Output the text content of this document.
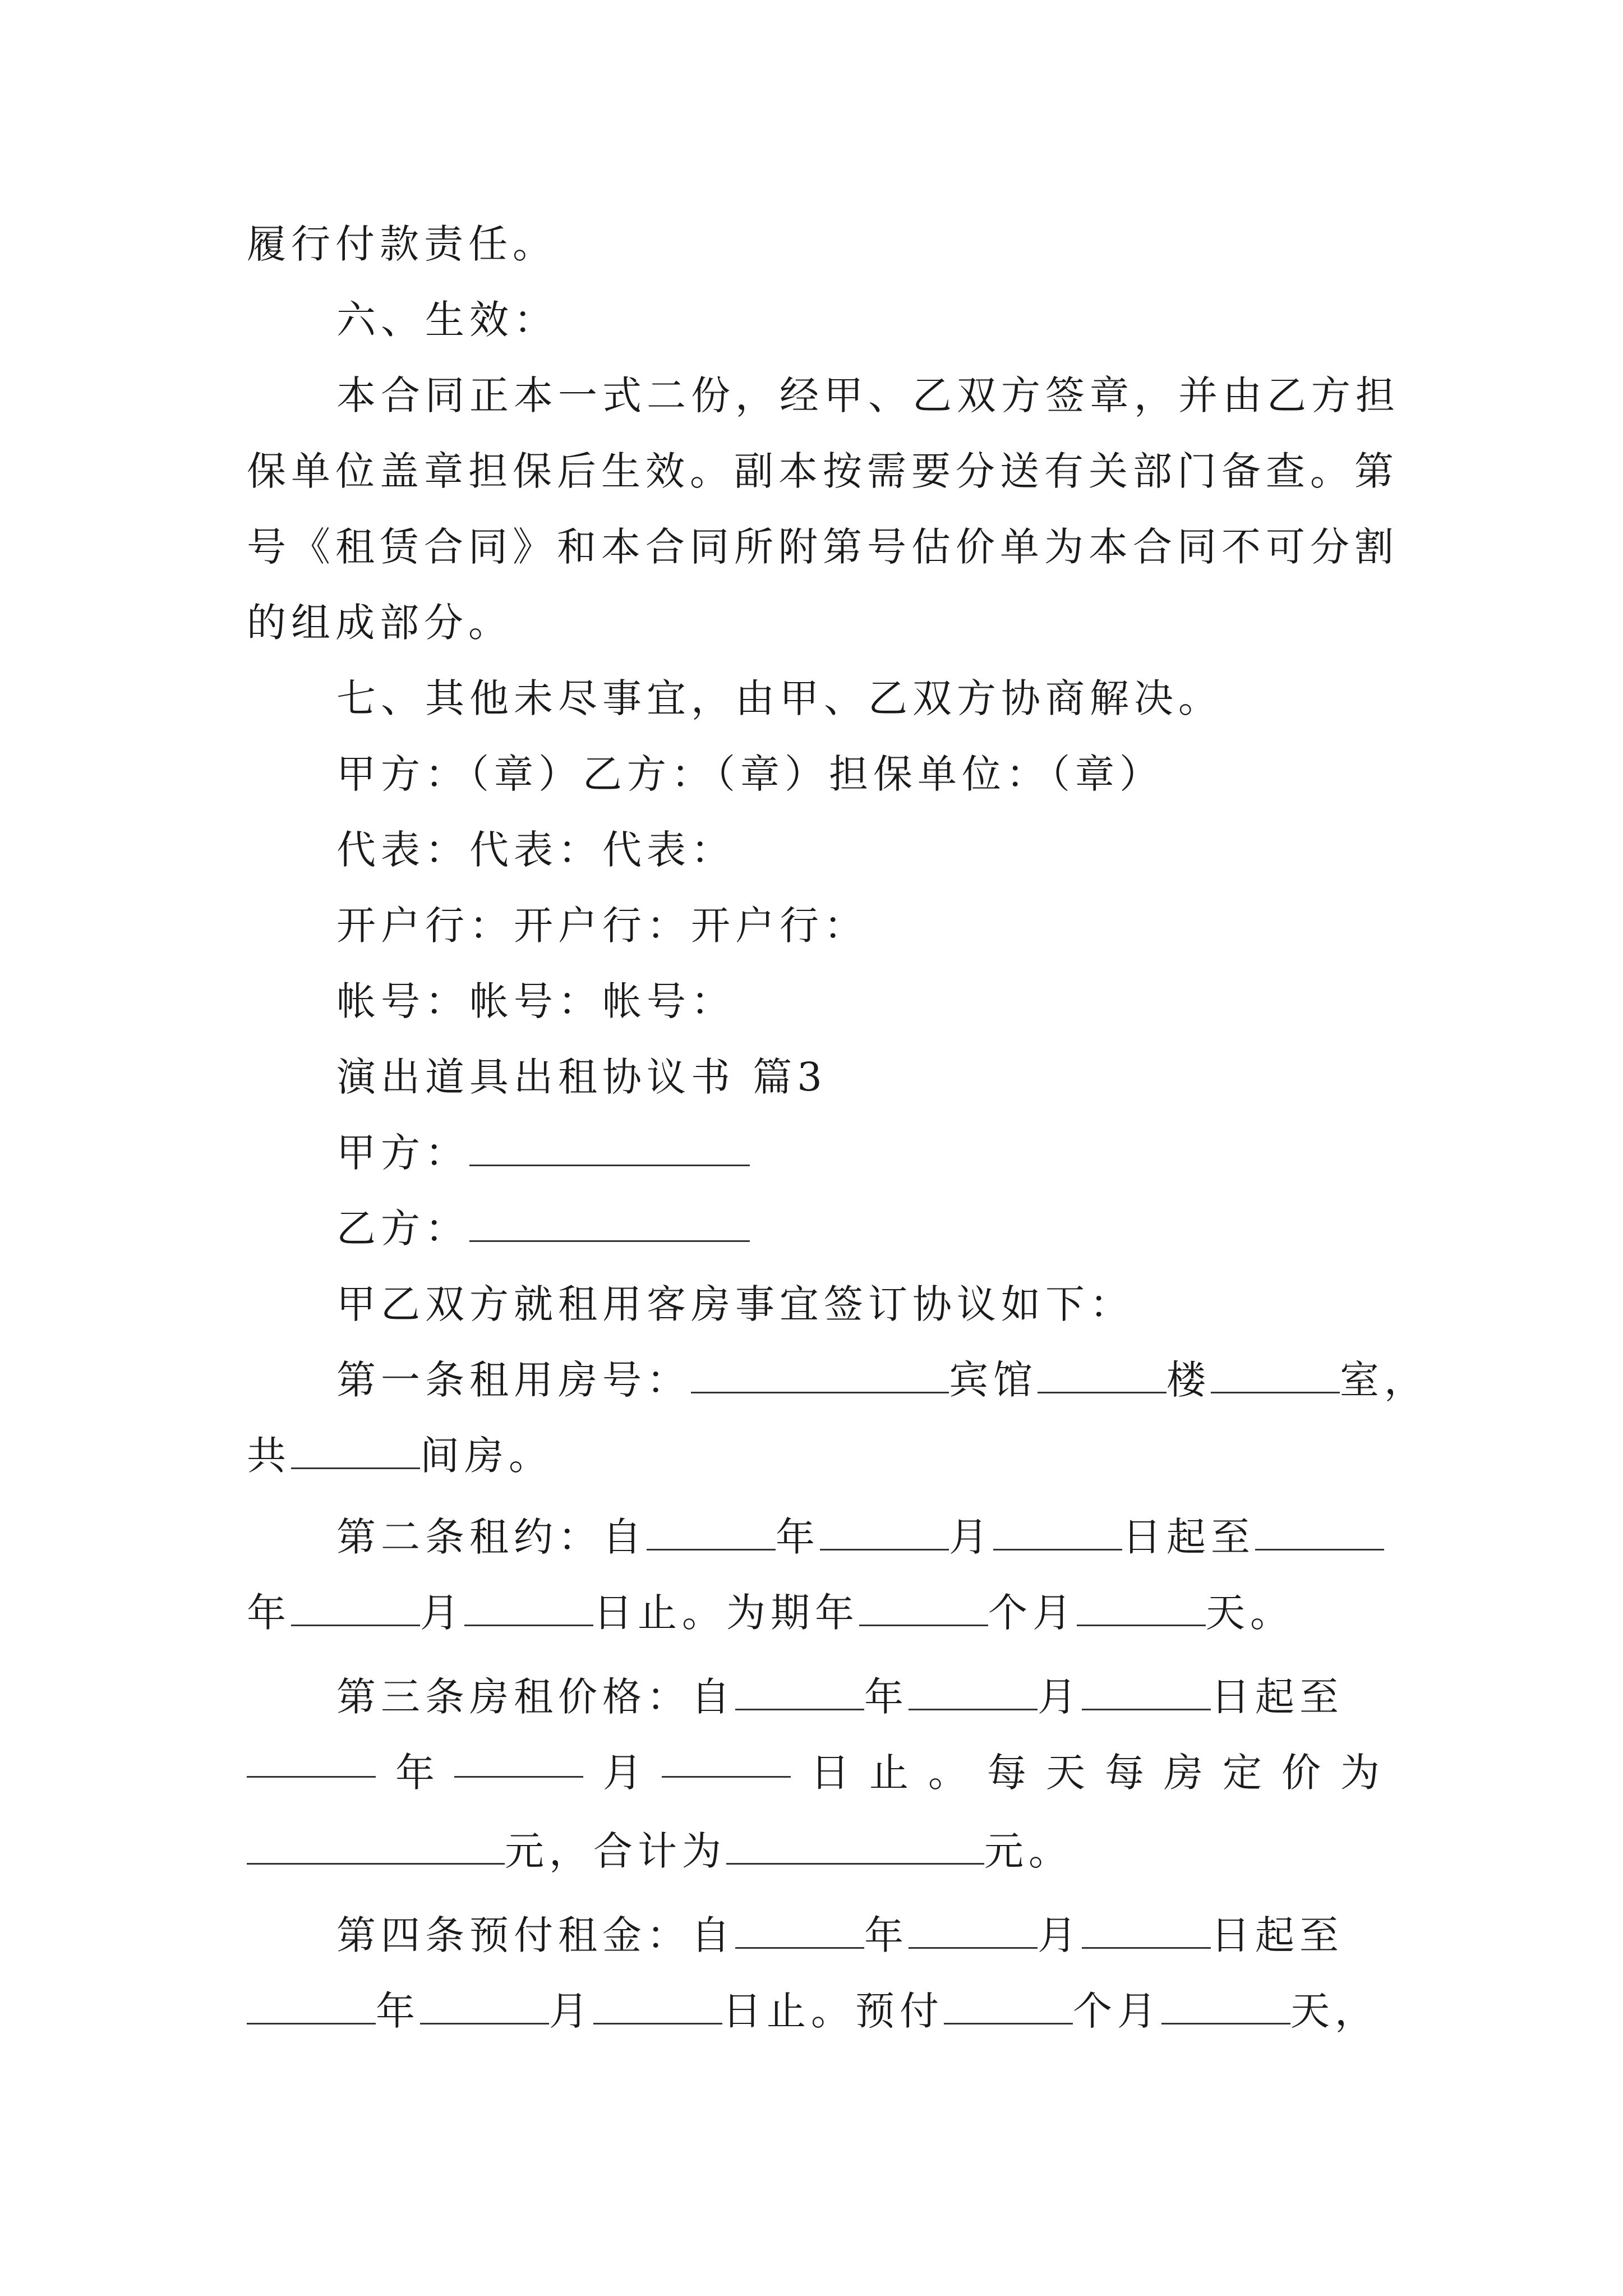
履行付款责任。
六、生效：
本合同正本一式二份，经甲、乙双方签章，并由乙方担
保单位盖章担保后生效。副本按需要分送有关部门备查。第
号《租赁合同》和本合同所附第号估价单为本合同不可分割
的组成部分。
七、其他未尽事宜，由甲、乙双方协商解决。
甲方：（章）乙方：（章）担保单位：（章）
代表：代表：代表：
开户行：开户行：开户行：
帐号：帐号：帐号：
演出道具出租协议书 篇3
甲方：
乙方：
甲乙双方就租用客房事宜签订协议如下：
第一条租用房号：	宾馆	楼	室，
共	间房。
第二条租约：自	年	月	日起至
年	月	日止。为期年	个月	天。
第三条房租价格：自	年	月	日起至
年	月	日 止 。 每 天 每 房 定 价 为
元，合计为	元。
第四条预付租金：自	年	月	日起至
年	月	日止。预付	个月	天，
